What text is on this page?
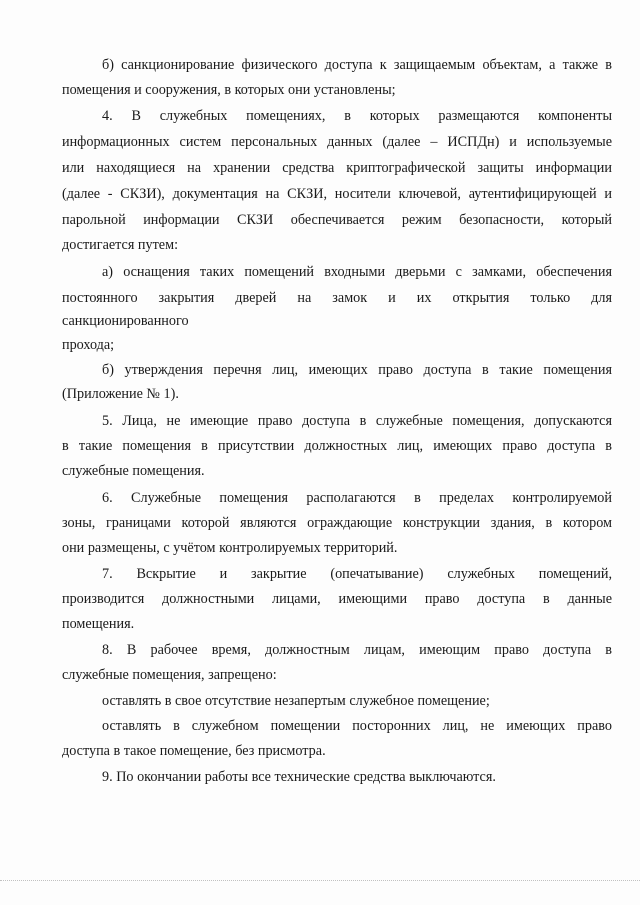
б) санкционирование физического доступа к защищаемым объектам, а также в
помещения и сооружения, в которых они установлены;
4. В служебных помещениях, в которых размещаются компоненты
информационных систем персональных данных (далее – ИСПДн) и используемые
или находящиеся на хранении средства криптографической защиты информации
(далее - СКЗИ), документация на СКЗИ, носители ключевой, аутентифицирующей и
парольной информации СКЗИ обеспечивается режим безопасности, который
достигается путем:
а) оснащения таких помещений входными дверьми с замками, обеспечения
постоянного закрытия дверей на замок и их открытия только для
санкционированного
прохода;
б) утверждения перечня лиц, имеющих право доступа в такие помещения
(Приложение № 1).
5. Лица, не имеющие право доступа в служебные помещения, допускаются
в такие помещения в присутствии должностных лиц, имеющих право доступа в
служебные помещения.
6. Служебные помещения располагаются в пределах контролируемой
зоны, границами которой являются ограждающие конструкции здания, в котором
они размещены, с учётом контролируемых территорий.
7. Вскрытие и закрытие (опечатывание) служебных помещений,
производится должностными лицами, имеющими право доступа в данные
помещения.
8. В рабочее время, должностным лицам, имеющим право доступа в
служебные помещения, запрещено:
оставлять в свое отсутствие незапертым служебное помещение;
оставлять в служебном помещении посторонних лиц, не имеющих право
доступа в такое помещение, без присмотра.
9. По окончании работы все технические средства выключаются.
